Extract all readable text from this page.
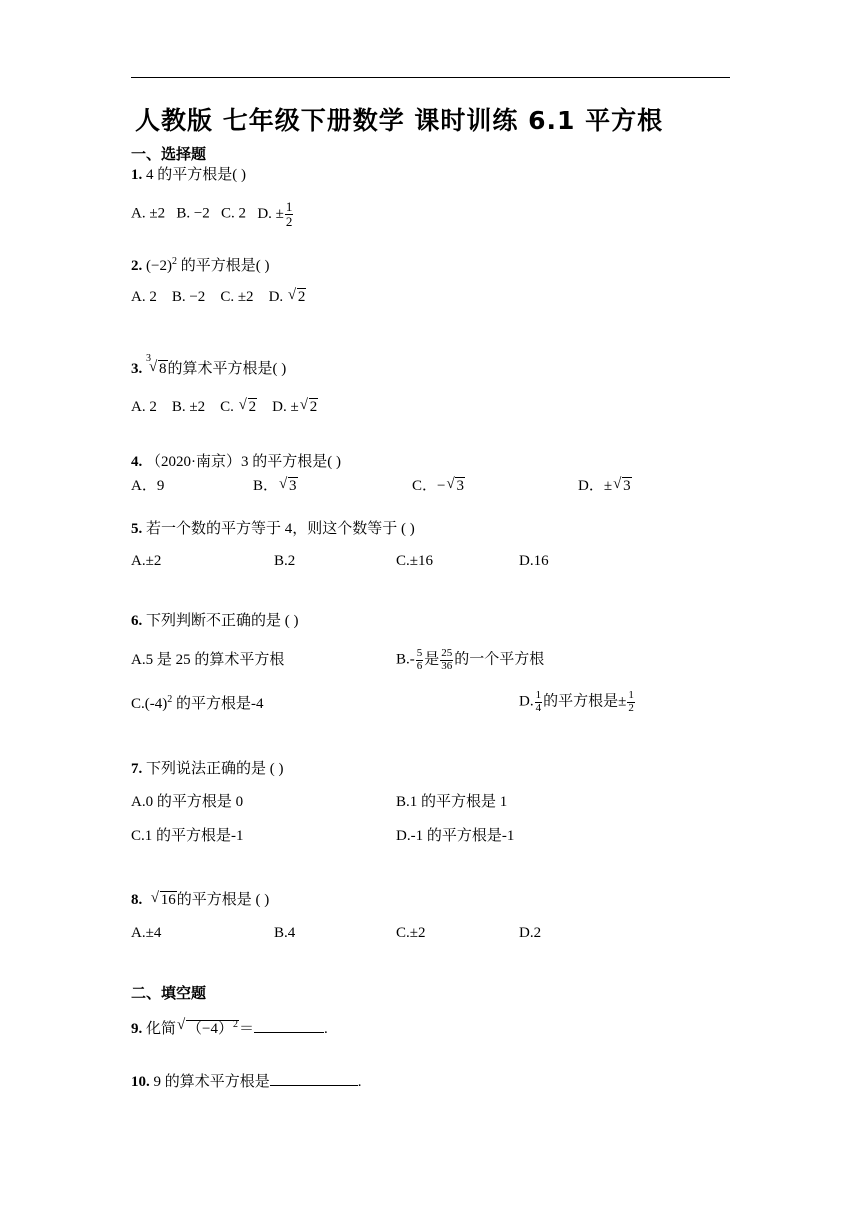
人教版 七年级下册数学 课时训练 6.1 平方根
一、选择题
1. 4 的平方根是( )
A. ±2 B. −2 C. 2 D. ± $\frac{1}{2}$
2. $(-2)^2$ 的平方根是( )
A. 2 B. −2 C. ±2 D. √ 2
3. $^3$
√ 8的算术平方根是( )
A. 2 B. ±2 C. √ 2 D. ± √ 2
4. （2020·南京）3 的平方根是( )
A．9	B． √ 3	C．− √ 3	D．± √ 3
5. 若一个数的平方等于 4，则这个数等于 ( )
A.±2	B.2	C.±16	D.16
6. 下列判断不正确的是 ( )
A.5 是 25 的算术平方根	$B.- \frac{5}{6}$ 是 $\frac{25}{36}$ 的一个平方根
$C.(-4)^2$ 的平方根是-4	D. $\frac{1}{4}$ 的平方根是± $\frac{1}{2}$
7. 下列说法正确的是 ( )
A.0 的平方根是 0	B.1 的平方根是 1
C.1 的平方根是-1	D.-1 的平方根是-1
8. √ 16的平方根是 ( )
A.±4	B.4	C.±2	D.2
二、填空题
9. 化简 √ $(-4)^2=$	.
10. 9 的算术平方根是	.
